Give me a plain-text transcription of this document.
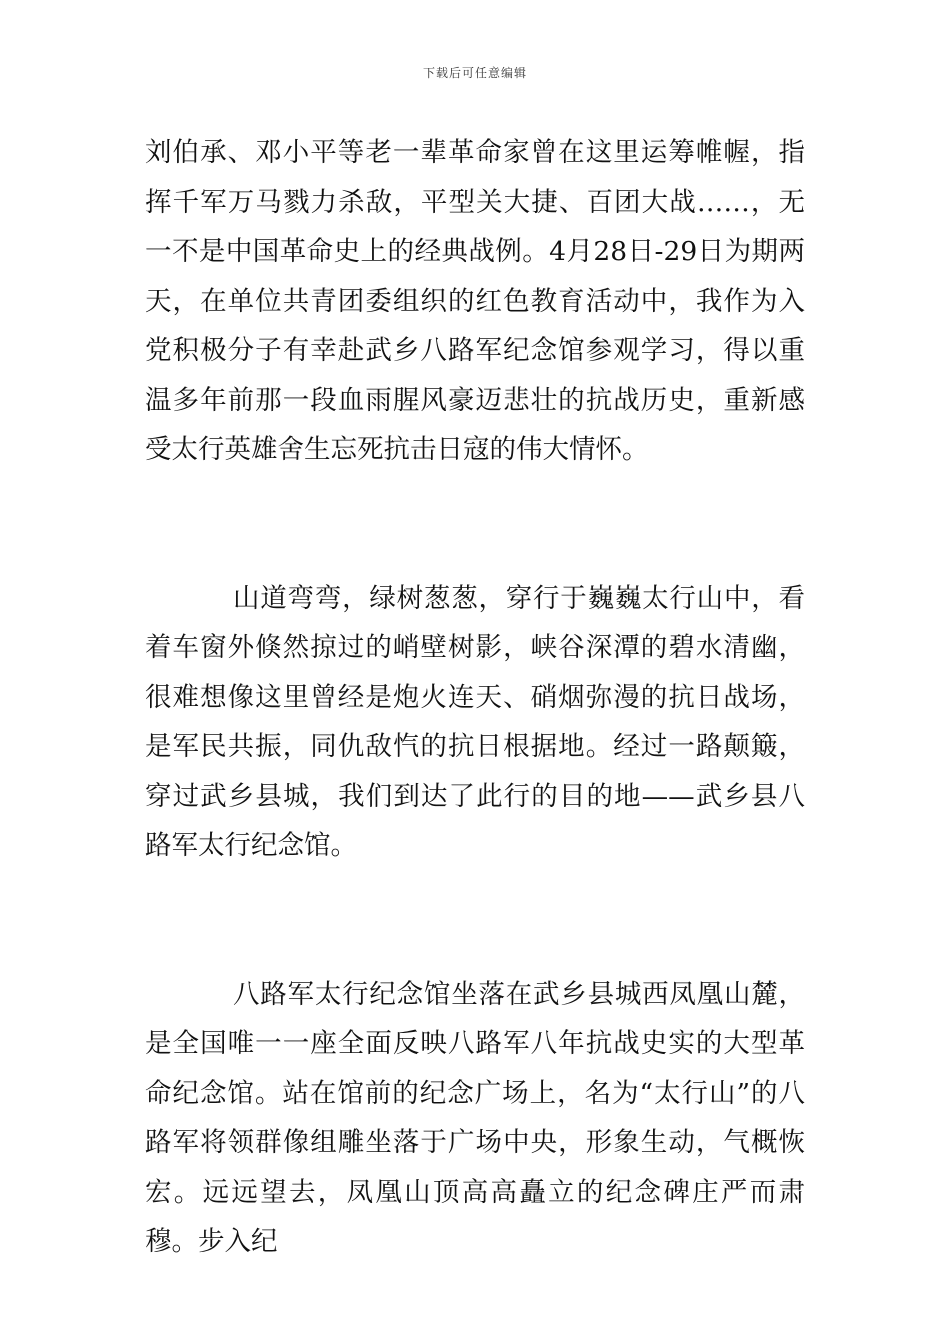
下载后可任意编辑

刘伯承、邓小平等老一辈革命家曾在这里运筹帷幄，指挥千军万马戮力杀敌，平型关大捷、百团大战……，无一不是中国革命史上的经典战例。4月28日-29日为期两天，在单位共青团委组织的红色教育活动中，我作为入党积极分子有幸赴武乡八路军纪念馆参观学习，得以重温多年前那一段血雨腥风豪迈悲壮的抗战历史，重新感受太行英雄舍生忘死抗击日寇的伟大情怀。

山道弯弯，绿树葱葱，穿行于巍巍太行山中，看着车窗外倏然掠过的峭壁树影，峡谷深潭的碧水清幽，很难想像这里曾经是炮火连天、硝烟弥漫的抗日战场，是军民共振，同仇敌忾的抗日根据地。经过一路颠簸，穿过武乡县城，我们到达了此行的目的地——武乡县八路军太行纪念馆。

八路军太行纪念馆坐落在武乡县城西凤凰山麓，是全国唯一一座全面反映八路军八年抗战史实的大型革命纪念馆。站在馆前的纪念广场上，名为“太行山”的八路军将领群像组雕坐落于广场中央，形象生动，气概恢宏。远远望去，凤凰山顶高高矗立的纪念碑庄严而肃穆。步入纪
